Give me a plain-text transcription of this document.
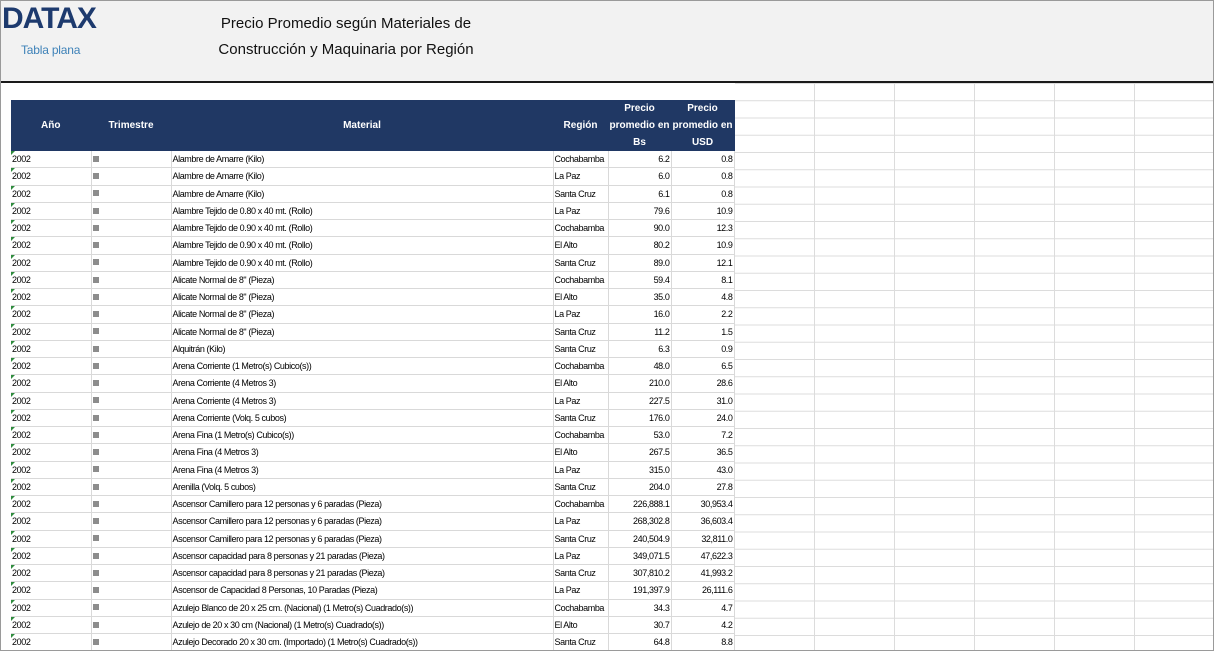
DATAX
Tabla plana
Precio Promedio según Materiales de
Construcción y Maquinaria por Región
Año	Trimestre	Material	Región	Precio promedio en Bs	Precio promedio en USD
2002		Alambre de Amarre (Kilo)	Cochabamba	6.2	0.8
2002		Alambre de Amarre (Kilo)	La Paz	6.0	0.8
2002		Alambre de Amarre (Kilo)	Santa Cruz	6.1	0.8
2002		Alambre Tejido de 0.80 x 40 mt. (Rollo)	La Paz	79.6	10.9
2002		Alambre Tejido de 0.90 x 40 mt. (Rollo)	Cochabamba	90.0	12.3
2002		Alambre Tejido de 0.90 x 40 mt. (Rollo)	El Alto	80.2	10.9
2002		Alambre Tejido de 0.90 x 40 mt. (Rollo)	Santa Cruz	89.0	12.1
2002		Alicate Normal de 8" (Pieza)	Cochabamba	59.4	8.1
2002		Alicate Normal de 8" (Pieza)	El Alto	35.0	4.8
2002		Alicate Normal de 8" (Pieza)	La Paz	16.0	2.2
2002		Alicate Normal de 8" (Pieza)	Santa Cruz	11.2	1.5
2002		Alquitrán (Kilo)	Santa Cruz	6.3	0.9
2002		Arena Corriente (1 Metro(s) Cubico(s))	Cochabamba	48.0	6.5
2002		Arena Corriente (4 Metros 3)	El Alto	210.0	28.6
2002		Arena Corriente (4 Metros 3)	La Paz	227.5	31.0
2002		Arena Corriente (Volq. 5 cubos)	Santa Cruz	176.0	24.0
2002		Arena Fina (1 Metro(s) Cubico(s))	Cochabamba	53.0	7.2
2002		Arena Fina (4 Metros 3)	El Alto	267.5	36.5
2002		Arena Fina (4 Metros 3)	La Paz	315.0	43.0
2002		Arenilla (Volq. 5 cubos)	Santa Cruz	204.0	27.8
2002		Ascensor Camillero para 12 personas y 6 paradas (Pieza)	Cochabamba	226,888.1	30,953.4
2002		Ascensor Camillero para 12 personas y 6 paradas (Pieza)	La Paz	268,302.8	36,603.4
2002		Ascensor Camillero para 12 personas y 6 paradas (Pieza)	Santa Cruz	240,504.9	32,811.0
2002		Ascensor capacidad para 8 personas y 21 paradas (Pieza)	La Paz	349,071.5	47,622.3
2002		Ascensor capacidad para 8 personas y 21 paradas (Pieza)	Santa Cruz	307,810.2	41,993.2
2002		Ascensor de Capacidad 8 Personas, 10 Paradas (Pieza)	La Paz	191,397.9	26,111.6
2002		Azulejo Blanco de 20 x 25 cm. (Nacional) (1 Metro(s) Cuadrado(s))	Cochabamba	34.3	4.7
2002		Azulejo de 20 x 30 cm (Nacional) (1 Metro(s) Cuadrado(s))	El Alto	30.7	4.2
2002		Azulejo Decorado 20 x 30 cm. (Importado) (1 Metro(s) Cuadrado(s))	Santa Cruz	64.8	8.8
